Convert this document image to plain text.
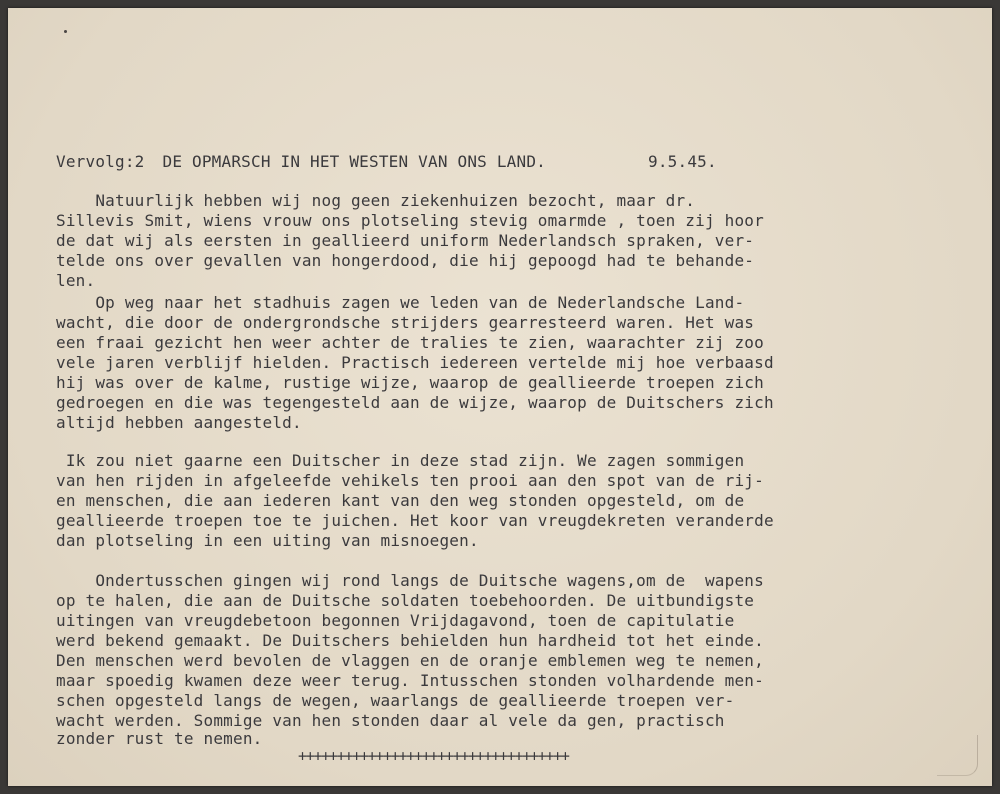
Vervolg:2 DE OPMARSCH IN HET WESTEN VAN ONS LAND.	9.5.45.

Natuurlijk hebben wij nog geen ziekenhuizen bezocht, maar dr.

Sillevis Smit, wiens vrouw ons plotseling stevig omarmde , toen zij hoor

de dat wij als eersten in geallieerd uniform Nederlandsch spraken, ver-

telde ons over gevallen van hongerdood, die hij gepoogd had te behande-

len.

Op weg naar het stadhuis zagen we leden van de Nederlandsche Land-

wacht, die door de ondergrondsche strijders gearresteerd waren. Het was

een fraai gezicht hen weer achter de tralies te zien, waarachter zij zoo

vele jaren verblijf hielden. Practisch iedereen vertelde mij hoe verbaasd

hij was over de kalme, rustige wijze, waarop de geallieerde troepen zich

gedroegen en die was tegengesteld aan de wijze, waarop de Duitschers zich

altijd hebben aangesteld.

Ik zou niet gaarne een Duitscher in deze stad zijn. We zagen sommigen

van hen rijden in afgeleefde vehikels ten prooi aan den spot van de rij-

en menschen, die aan iederen kant van den weg stonden opgesteld, om de

geallieerde troepen toe te juichen. Het koor van vreugdekreten veranderde

dan plotseling in een uiting van misnoegen.

Ondertusschen gingen wij rond langs de Duitsche wagens,om de  wapens

op te halen, die aan de Duitsche soldaten toebehoorden. De uitbundigste

uitingen van vreugdebetoon begonnen Vrijdagavond, toen de capitulatie

werd bekend gemaakt. De Duitschers behielden hun hardheid tot het einde.

Den menschen werd bevolen de vlaggen en de oranje emblemen weg te nemen,

maar spoedig kwamen deze weer terug. Intusschen stonden volhardende men-

schen opgesteld langs de wegen, waarlangs de geallieerde troepen ver-

wacht werden. Sommige van hen stonden daar al vele da gen, practisch

zonder rust te nemen.

+++++++++++++++++++++++++++++++++++
